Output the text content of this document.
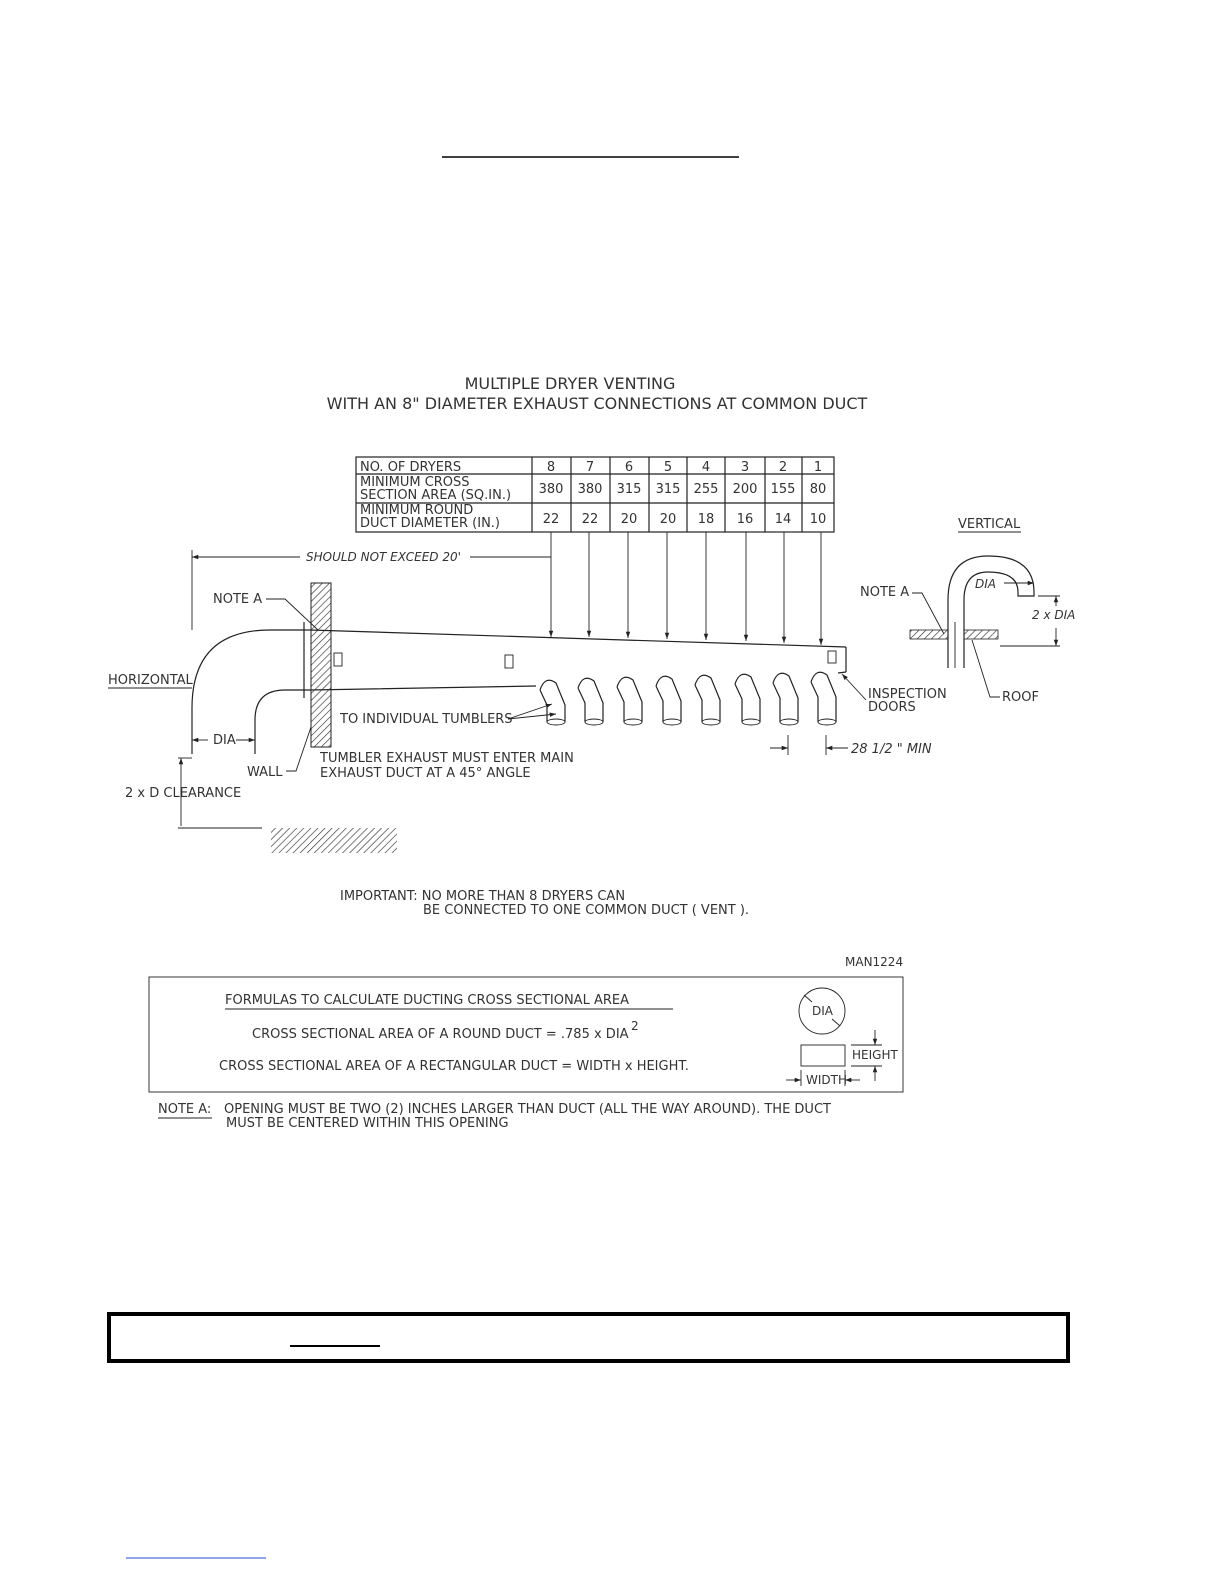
MULTIPLE DRYER VENTING
WITH AN 8" DIAMETER EXHAUST CONNECTIONS AT COMMON DUCT
NO. OF DRYERS
MINIMUM CROSS
SECTION AREA (SQ.IN.)
MINIMUM ROUND
DUCT DIAMETER (IN.)
8 7 6 5 4 3 2 1
380 380 315 315 255 200 155 80
22 22 20 20 18 16 14 10
SHOULD NOT EXCEED 20'
NOTE A
HORIZONTAL
DIA
WALL
2 x D CLEARANCE
TO INDIVIDUAL TUMBLERS
TUMBLER EXHAUST MUST ENTER MAIN
EXHAUST DUCT AT A 45° ANGLE
INSPECTION
DOORS
28 1/2 " MIN
VERTICAL
DIA
2 x DIA
NOTE A
ROOF
IMPORTANT: NO MORE THAN 8 DRYERS CAN
BE CONNECTED TO ONE COMMON DUCT ( VENT ).
MAN1224
FORMULAS TO CALCULATE DUCTING CROSS SECTIONAL AREA
CROSS SECTIONAL AREA OF A ROUND DUCT = .785 x DIA
2
CROSS SECTIONAL AREA OF A RECTANGULAR DUCT = WIDTH x HEIGHT.
DIA
HEIGHT
WIDTH
NOTE A: OPENING MUST BE TWO (2) INCHES LARGER THAN DUCT (ALL THE WAY AROUND). THE DUCT
MUST BE CENTERED WITHIN THIS OPENING
